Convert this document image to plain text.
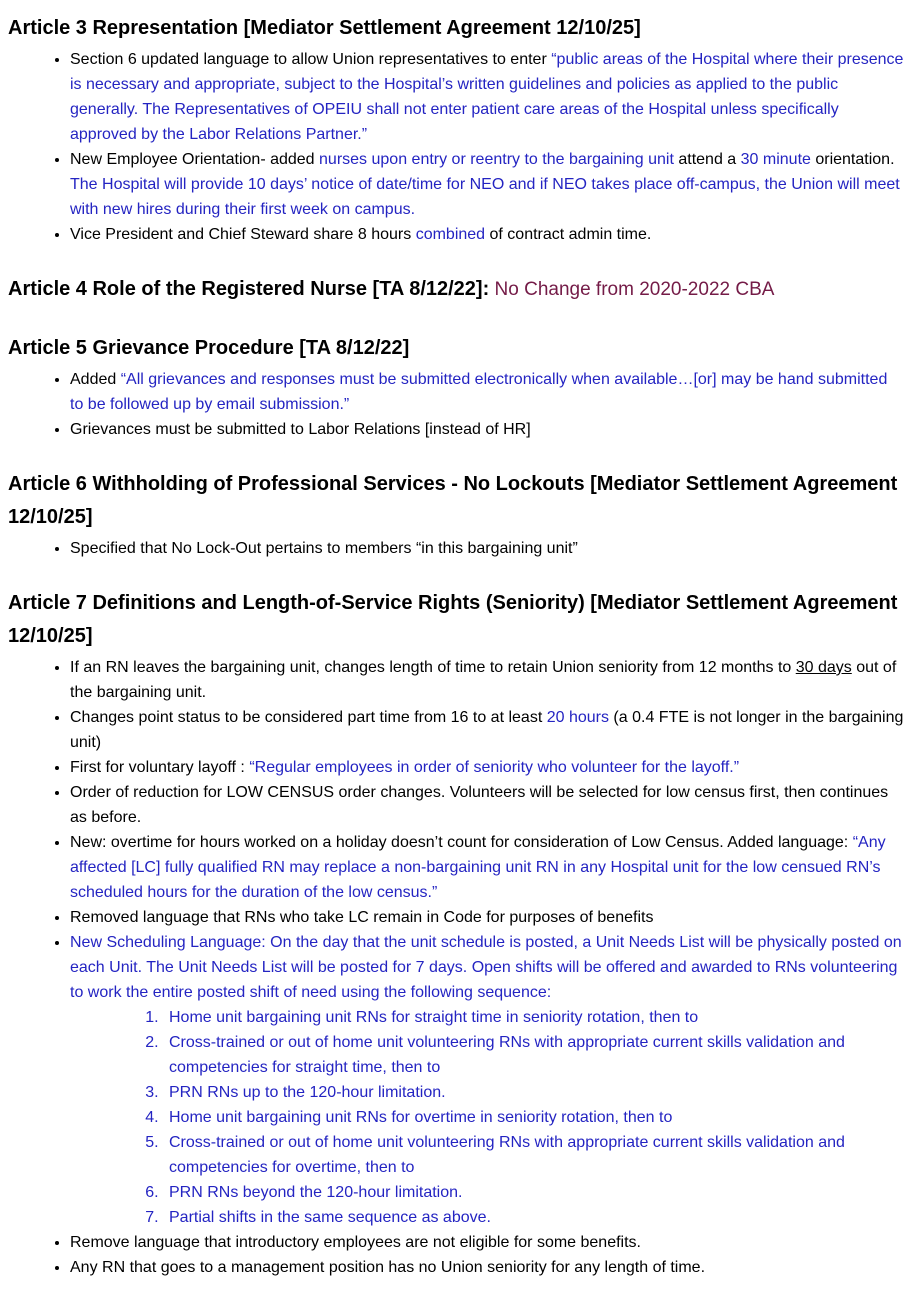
Article 3 Representation [Mediator Settlement Agreement 12/10/25]
• Section 6 updated language to allow Union representatives to enter “public areas of the Hospital where their presence is necessary and appropriate, subject to the Hospital’s written guidelines and policies as applied to the public generally. The Representatives of OPEIU shall not enter patient care areas of the Hospital unless specifically approved by the Labor Relations Partner.”
• New Employee Orientation- added nurses upon entry or reentry to the bargaining unit attend a 30 minute orientation. The Hospital will provide 10 days’ notice of date/time for NEO and if NEO takes place off-campus, the Union will meet with new hires during their first week on campus.
• Vice President and Chief Steward share 8 hours combined of contract admin time.
Article 4 Role of the Registered Nurse [TA 8/12/22]: No Change from 2020-2022 CBA
Article 5 Grievance Procedure [TA 8/12/22]
• Added “All grievances and responses must be submitted electronically when available…[or] may be hand submitted to be followed up by email submission.”
• Grievances must be submitted to Labor Relations [instead of HR]
Article 6 Withholding of Professional Services - No Lockouts [Mediator Settlement Agreement 12/10/25]
• Specified that No Lock-Out pertains to members “in this bargaining unit”
Article 7 Definitions and Length-of-Service Rights (Seniority) [Mediator Settlement Agreement 12/10/25]
• If an RN leaves the bargaining unit, changes length of time to retain Union seniority from 12 months to 30 days out of the bargaining unit.
• Changes point status to be considered part time from 16 to at least 20 hours (a 0.4 FTE is not longer in the bargaining unit)
• First for voluntary layoff : “Regular employees in order of seniority who volunteer for the layoff.”
• Order of reduction for LOW CENSUS order changes. Volunteers will be selected for low census first, then continues as before.
• New: overtime for hours worked on a holiday doesn’t count for consideration of Low Census. Added language: “Any affected [LC] fully qualified RN may replace a non-bargaining unit RN in any Hospital unit for the low censued RN’s scheduled hours for the duration of the low census.”
• Removed language that RNs who take LC remain in Code for purposes of benefits
• New Scheduling Language: On the day that the unit schedule is posted, a Unit Needs List will be physically posted on each Unit. The Unit Needs List will be posted for 7 days. Open shifts will be offered and awarded to RNs volunteering to work the entire posted shift of need using the following sequence:
1. Home unit bargaining unit RNs for straight time in seniority rotation, then to
2. Cross-trained or out of home unit volunteering RNs with appropriate current skills validation and competencies for straight time, then to
3. PRN RNs up to the 120-hour limitation.
4. Home unit bargaining unit RNs for overtime in seniority rotation, then to
5. Cross-trained or out of home unit volunteering RNs with appropriate current skills validation and competencies for overtime, then to
6. PRN RNs beyond the 120-hour limitation.
7. Partial shifts in the same sequence as above.
• Remove language that introductory employees are not eligible for some benefits.
• Any RN that goes to a management position has no Union seniority for any length of time.
